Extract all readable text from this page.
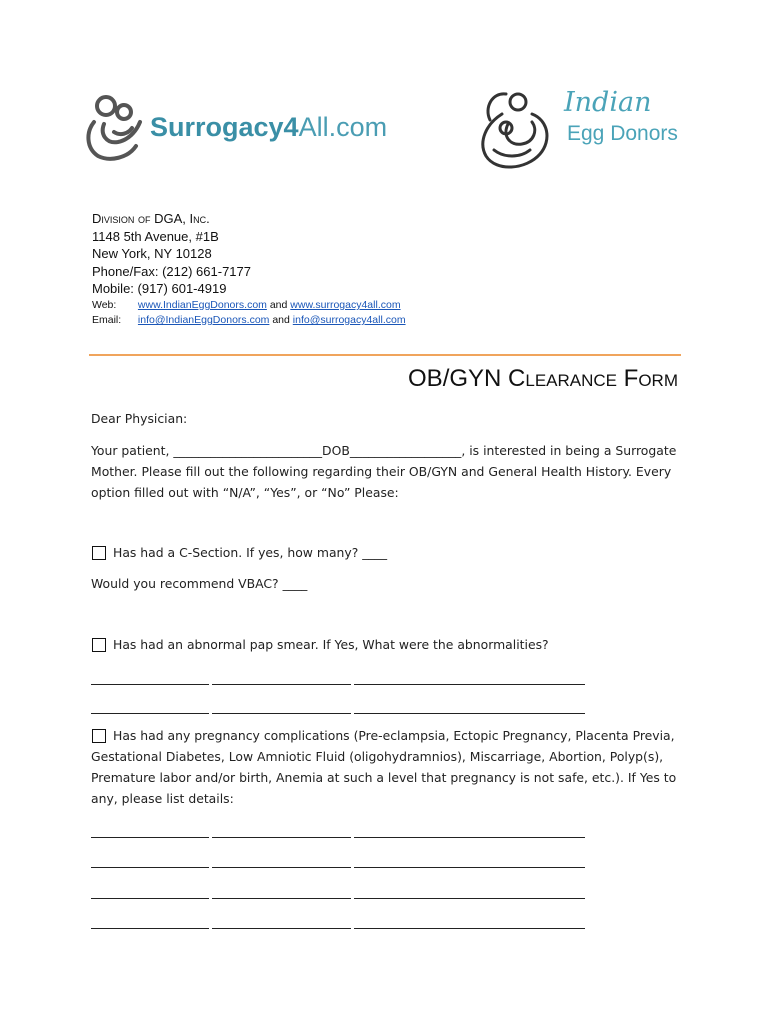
Surrogacy4All.com
Indian
Egg Donors
Division of DGA, Inc.
1148 5th Avenue, #1B
New York, NY 10128
Phone/Fax: (212) 661-7177
Mobile: (917) 601-4919
Web: www.IndianEggDonors.com and www.surrogacy4all.com
Email: info@IndianEggDonors.com and info@surrogacy4all.com
OB/GYN Clearance Form
Dear Physician:
Your patient, ________________________DOB__________________, is interested in being a Surrogate Mother. Please fill out the following regarding their OB/GYN and General Health History. Every option filled out with “N/A”, “Yes”, or “No” Please:
Has had a C-Section. If yes, how many? ____
Would you recommend VBAC? ____
Has had an abnormal pap smear. If Yes, What were the abnormalities?
Has had any pregnancy complications (Pre-eclampsia, Ectopic Pregnancy, Placenta Previa, Gestational Diabetes, Low Amniotic Fluid (oligohydramnios), Miscarriage, Abortion, Polyp(s), Premature labor and/or birth, Anemia at such a level that pregnancy is not safe, etc.). If Yes to any, please list details:
